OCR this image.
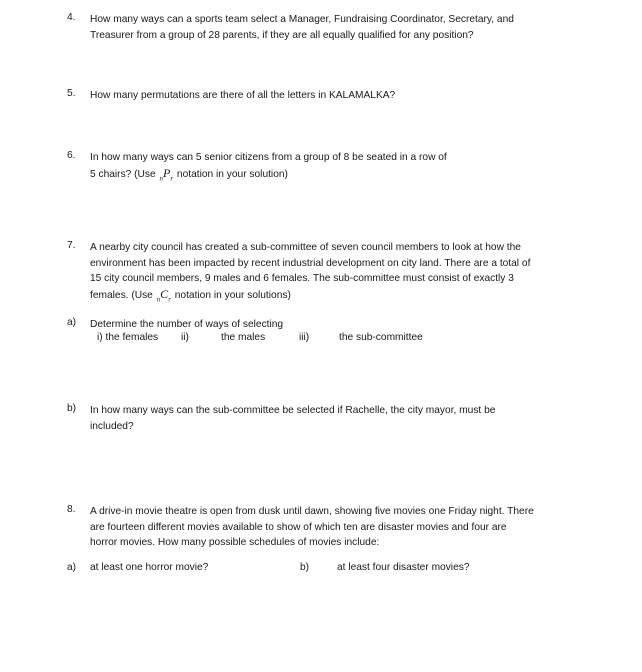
4.	How many ways can a sports team select a Manager, Fundraising Coordinator, Secretary, and
Treasurer from a group of 28 parents, if they are all equally qualified for any position?
5.	How many permutations are there of all the letters in KALAMALKA?
6.	In how many ways can 5 senior citizens from a group of 8 be seated in a row of
5 chairs? (Use $_nP_r$ notation in your solution)
7.	A nearby city council has created a sub-committee of seven council members to look at how the
environment has been impacted by recent industrial development on city land. There are a total of
15 city council members, 9 males and 6 females. The sub-committee must consist of exactly 3
females. (Use $_nC_r$ notation in your solutions)
a)	Determine the number of ways of selecting
i) the females ii)	the males	iii)	the sub-committee
b)	In how many ways can the sub-committee be selected if Rachelle, the city mayor, must be
included?
8.	A drive-in movie theatre is open from dusk until dawn, showing five movies one Friday night. There
are fourteen different movies available to show of which ten are disaster movies and four are
horror movies. How many possible schedules of movies include:
a) at least one horror movie?	b)	at least four disaster movies?
